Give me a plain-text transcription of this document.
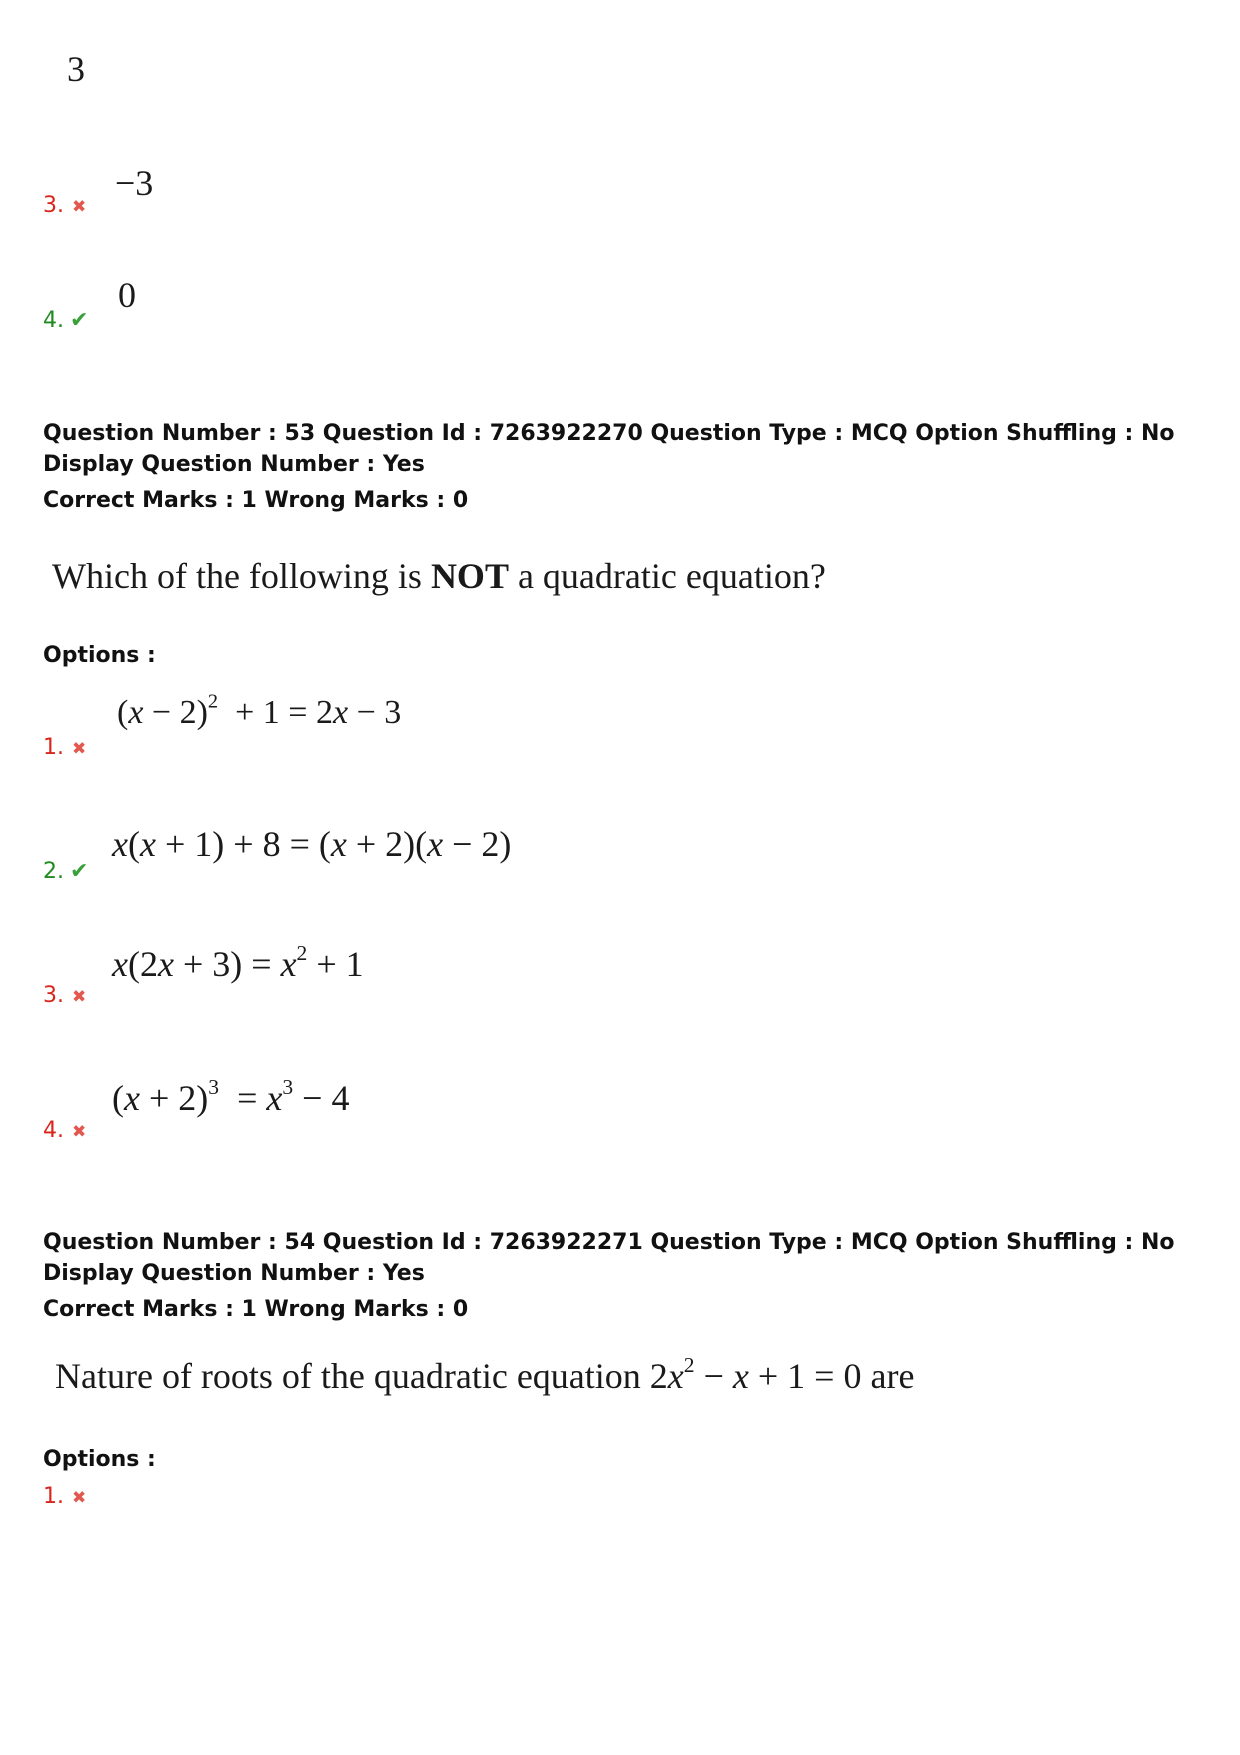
3
−3
3. ✖
0
4. ✔
Question Number : 53 Question Id : 7263922270 Question Type : MCQ Option Shuffling : No
Display Question Number : Yes
Correct Marks : 1 Wrong Marks : 0
Which of the following is NOT a quadratic equation?
Options :
$(x - 2)^2 + 1 = 2x - 3$
1. ✖
x(x + 1) + 8 = (x + 2)(x − 2)
2. ✔
$x(2x + 3) = x^2 + 1$
3. ✖
$(x + 2)^3 = x^3 - 4$
4. ✖
Question Number : 54 Question Id : 7263922271 Question Type : MCQ Option Shuffling : No
Display Question Number : Yes
Correct Marks : 1 Wrong Marks : 0
Nature of roots of the quadratic equation $2x^2 - x + 1 = 0$ are
Options :
1. ✖
